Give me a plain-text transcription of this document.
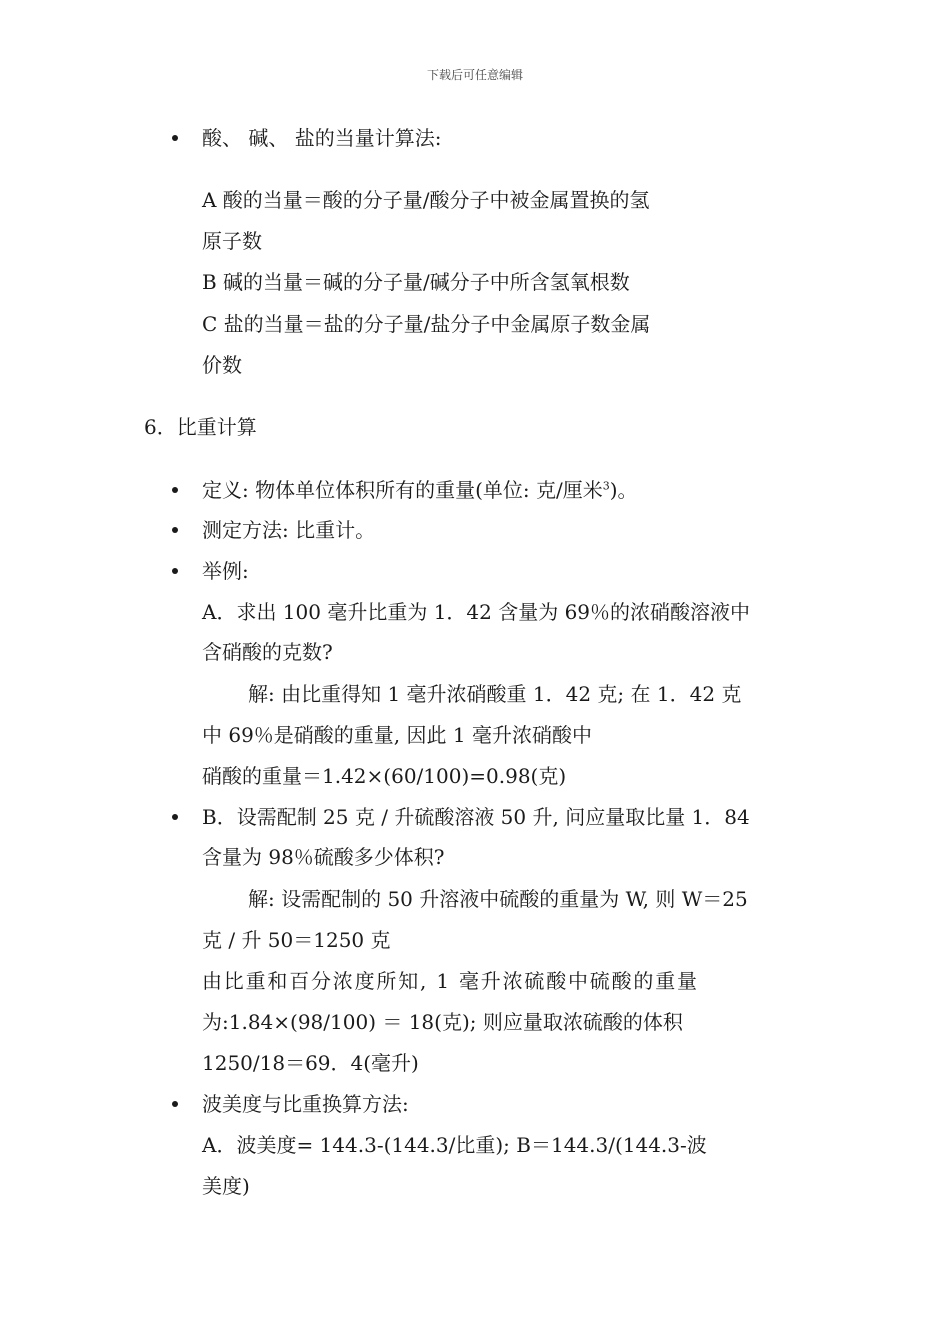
下载后可任意编辑
酸、 碱、 盐的当量计算法:
A 酸的当量＝酸的分子量/酸分子中被金属置换的氢
原子数
B 碱的当量＝碱的分子量/碱分子中所含氢氧根数
C 盐的当量＝盐的分子量/盐分子中金属原子数金属
价数
6．比重计算
定义: 物体单位体积所有的重量(单位: 克/厘米$^3$)。
测定方法: 比重计。
举例:
A．求出 100 毫升比重为 1．42 含量为 69％的浓硝酸溶液中
含硝酸的克数?
解: 由比重得知 1 毫升浓硝酸重 1．42 克; 在 1．42 克
中 69％是硝酸的重量, 因此 1 毫升浓硝酸中
硝酸的重量＝1.42×(60/100)=0.98(克)
B．设需配制 25 克 / 升硫酸溶液 50 升, 问应量取比量 1．84
含量为 98％硫酸多少体积?
解: 设需配制的 50 升溶液中硫酸的重量为 W, 则 W＝25
克 / 升 50＝1250 克
由比重和百分浓度所知, 1 毫升浓硫酸中硫酸的重量
为:1.84×(98/100) ＝ 18(克); 则应量取浓硫酸的体积
1250/18＝69．4(毫升)
波美度与比重换算方法:
A．波美度= 144.3-(144.3/比重); B＝144.3/(144.3-波
美度)
